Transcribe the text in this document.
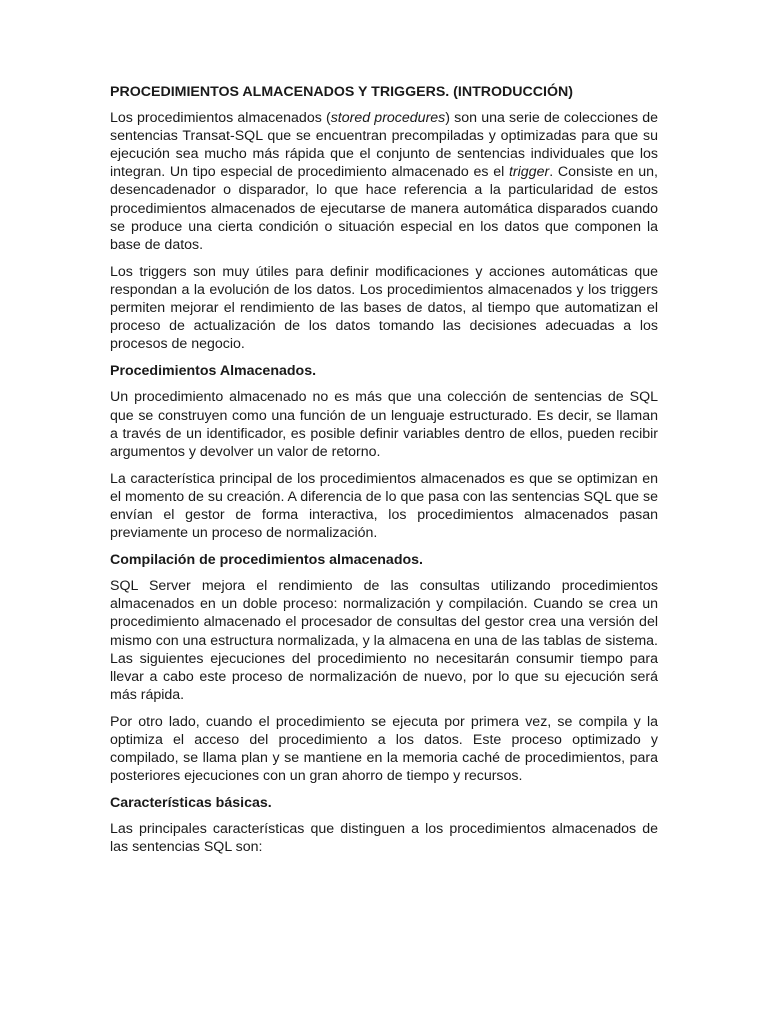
PROCEDIMIENTOS ALMACENADOS Y TRIGGERS. (INTRODUCCIÓN)

Los procedimientos almacenados (stored procedures) son una serie de colecciones de sentencias Transat-SQL que se encuentran precompiladas y optimizadas para que su ejecución sea mucho más rápida que el conjunto de sentencias individuales que los integran. Un tipo especial de procedimiento almacenado es el trigger. Consiste en un, desencadenador o disparador, lo que hace referencia a la particularidad de estos procedimientos almacenados de ejecutarse de manera automática disparados cuando se produce una cierta condición o situación especial en los datos que componen la base de datos.

Los triggers son muy útiles para definir modificaciones y acciones automáticas que respondan a la evolución de los datos. Los procedimientos almacenados y los triggers permiten mejorar el rendimiento de las bases de datos, al tiempo que automatizan el proceso de actualización de los datos tomando las decisiones adecuadas a los procesos de negocio.

Procedimientos Almacenados.

Un procedimiento almacenado no es más que una colección de sentencias de SQL que se construyen como una función de un lenguaje estructurado. Es decir, se llaman a través de un identificador, es posible definir variables dentro de ellos, pueden recibir argumentos y devolver un valor de retorno.

La característica principal de los procedimientos almacenados es que se optimizan en el momento de su creación. A diferencia de lo que pasa con las sentencias SQL que se envían el gestor de forma interactiva, los procedimientos almacenados pasan previamente un proceso de normalización.

Compilación de procedimientos almacenados.

SQL Server mejora el rendimiento de las consultas utilizando procedimientos almacenados en un doble proceso: normalización y compilación. Cuando se crea un procedimiento almacenado el procesador de consultas del gestor crea una versión del mismo con una estructura normalizada, y la almacena en una de las tablas de sistema. Las siguientes ejecuciones del procedimiento no necesitarán consumir tiempo para llevar a cabo este proceso de normalización de nuevo, por lo que su ejecución será más rápida.

Por otro lado, cuando el procedimiento se ejecuta por primera vez, se compila y la optimiza el acceso del procedimiento a los datos. Este proceso optimizado y compilado, se llama plan y se mantiene en la memoria caché de procedimientos, para posteriores ejecuciones con un gran ahorro de tiempo y recursos.

Características básicas.

Las principales características que distinguen a los procedimientos almacenados de las sentencias SQL son:
